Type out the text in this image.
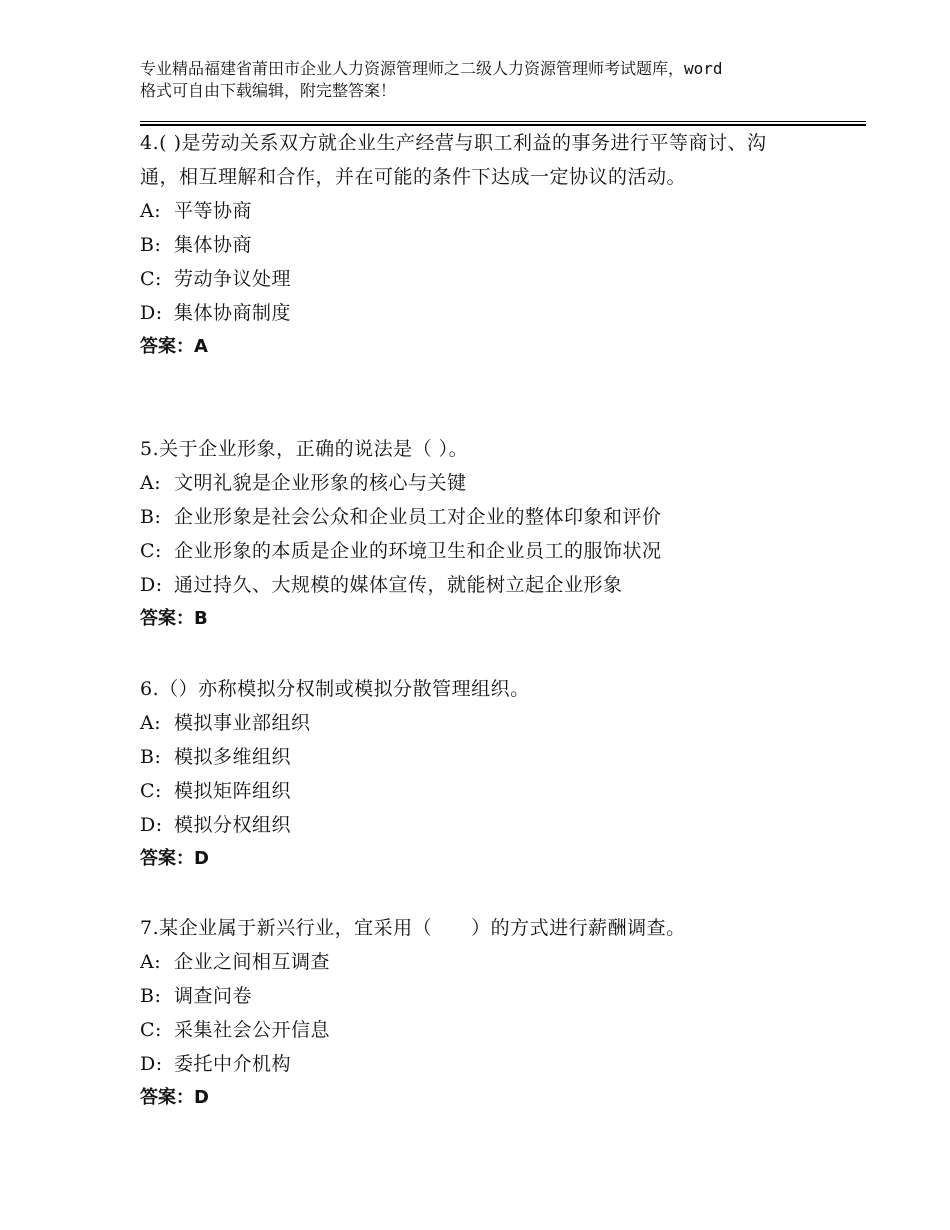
专业精品福建省莆田市企业人力资源管理师之二级人力资源管理师考试题库，word
格式可自由下载编辑，附完整答案！
4.( )是劳动关系双方就企业生产经营与职工利益的事务进行平等商讨、沟通，相互理解和合作，并在可能的条件下达成一定协议的活动。
A: 平等协商
B: 集体协商
C: 劳动争议处理
D: 集体协商制度
答案：A
5.关于企业形象，正确的说法是（ ）。
A: 文明礼貌是企业形象的核心与关键
B: 企业形象是社会公众和企业员工对企业的整体印象和评价
C: 企业形象的本质是企业的环境卫生和企业员工的服饰状况
D: 通过持久、大规模的媒体宣传，就能树立起企业形象
答案：B
6.（）亦称模拟分权制或模拟分散管理组织。
A: 模拟事业部组织
B: 模拟多维组织
C: 模拟矩阵组织
D: 模拟分权组织
答案：D
7.某企业属于新兴行业，宜采用（　　）的方式进行薪酬调查。
A: 企业之间相互调查
B: 调查问卷
C: 采集社会公开信息
D: 委托中介机构
答案：D
